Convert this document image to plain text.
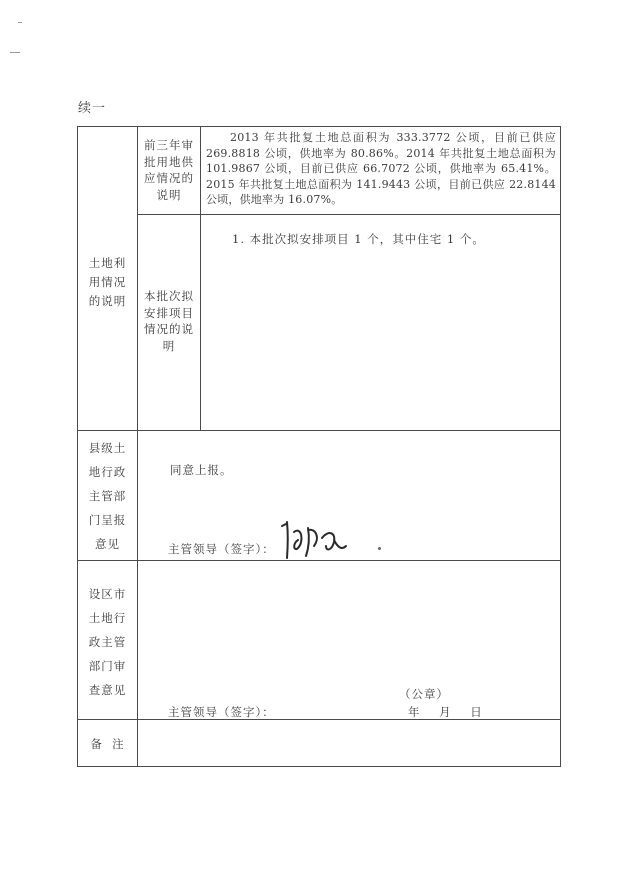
续一
土地利
用情况
的说明
前三年审
批用地供
应情况的
说明
2013 年共批复土地总面积为 333.3772 公顷，目前已供应 269.8818 公顷，供地率为 80.86%。2014 年共批复土地总面积为 101.9867 公顷，目前已供应 66.7072 公顷，供地率为 65.41%。2015 年共批复土地总面积为 141.9443 公顷，目前已供应 22.8144 公顷，供地率为 16.07%。
本批次拟
安排项目
情况的说
明
1. 本批次拟安排项目 1 个，其中住宅 1 个。
县级土
地行政
主管部
门呈报
意见
同意上报。
主管领导（签字）：
设区市
土地行
政主管
部门审
查意见	（公章）
主管领导（签字）：	年    月    日
备  注
